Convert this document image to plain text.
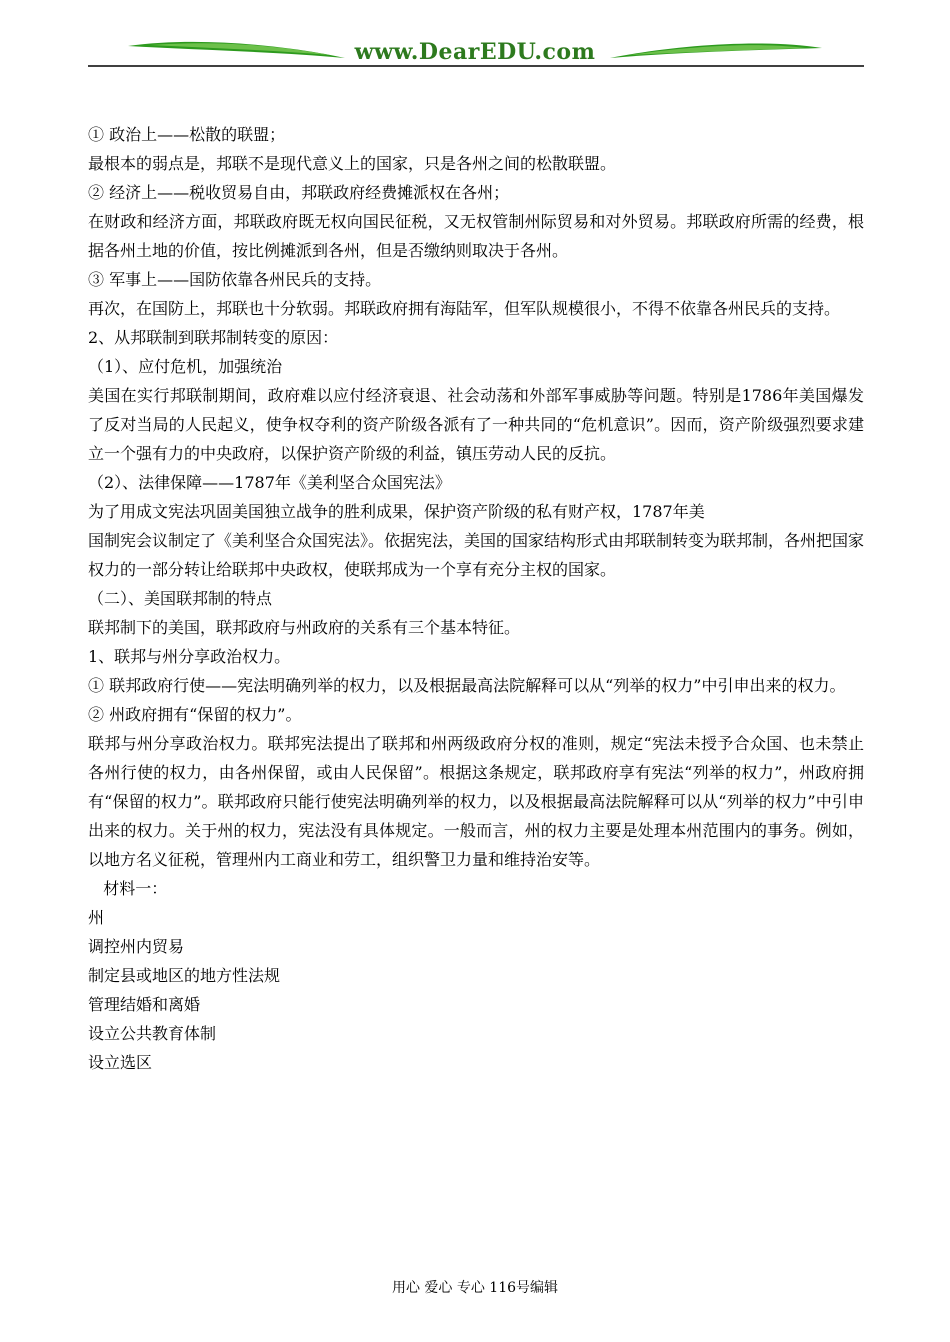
www.DearEDU.com

① 政治上——松散的联盟；

最根本的弱点是，邦联不是现代意义上的国家，只是各州之间的松散联盟。

② 经济上——税收贸易自由，邦联政府经费摊派权在各州；

在财政和经济方面，邦联政府既无权向国民征税，又无权管制州际贸易和对外贸易。邦联政府所需的经费，根据各州土地的价值，按比例摊派到各州，但是否缴纳则取决于各州。

③ 军事上——国防依靠各州民兵的支持。

再次，在国防上，邦联也十分软弱。邦联政府拥有海陆军，但军队规模很小，不得不依靠各州民兵的支持。

2、从邦联制到联邦制转变的原因：

（1）、应付危机，加强统治

美国在实行邦联制期间，政府难以应付经济衰退、社会动荡和外部军事威胁等问题。特别是1786年美国爆发了反对当局的人民起义，使争权夺利的资产阶级各派有了一种共同的“危机意识”。因而，资产阶级强烈要求建立一个强有力的中央政府，以保护资产阶级的利益，镇压劳动人民的反抗。

（2）、法律保障——1787年《美利坚合众国宪法》

为了用成文宪法巩固美国独立战争的胜利成果，保护资产阶级的私有财产权，1787年美

国制宪会议制定了《美利坚合众国宪法》。依据宪法，美国的国家结构形式由邦联制转变为联邦制，各州把国家权力的一部分转让给联邦中央政权，使联邦成为一个享有充分主权的国家。

（二）、美国联邦制的特点

联邦制下的美国，联邦政府与州政府的关系有三个基本特征。

1、联邦与州分享政治权力。

① 联邦政府行使——宪法明确列举的权力，以及根据最高法院解释可以从“列举的权力”中引申出来的权力。

② 州政府拥有“保留的权力”。

联邦与州分享政治权力。联邦宪法提出了联邦和州两级政府分权的准则，规定“宪法未授予合众国、也未禁止各州行使的权力，由各州保留，或由人民保留”。根据这条规定，联邦政府享有宪法“列举的权力”，州政府拥有“保留的权力”。联邦政府只能行使宪法明确列举的权力，以及根据最高法院解释可以从“列举的权力”中引申出来的权力。关于州的权力，宪法没有具体规定。一般而言，州的权力主要是处理本州范围内的事务。例如，以地方名义征税，管理州内工商业和劳工，组织警卫力量和维持治安等。

材料一：

州

调控州内贸易

制定县或地区的地方性法规

管理结婚和离婚

设立公共教育体制

设立选区

用心 爱心 专心 116号编辑
